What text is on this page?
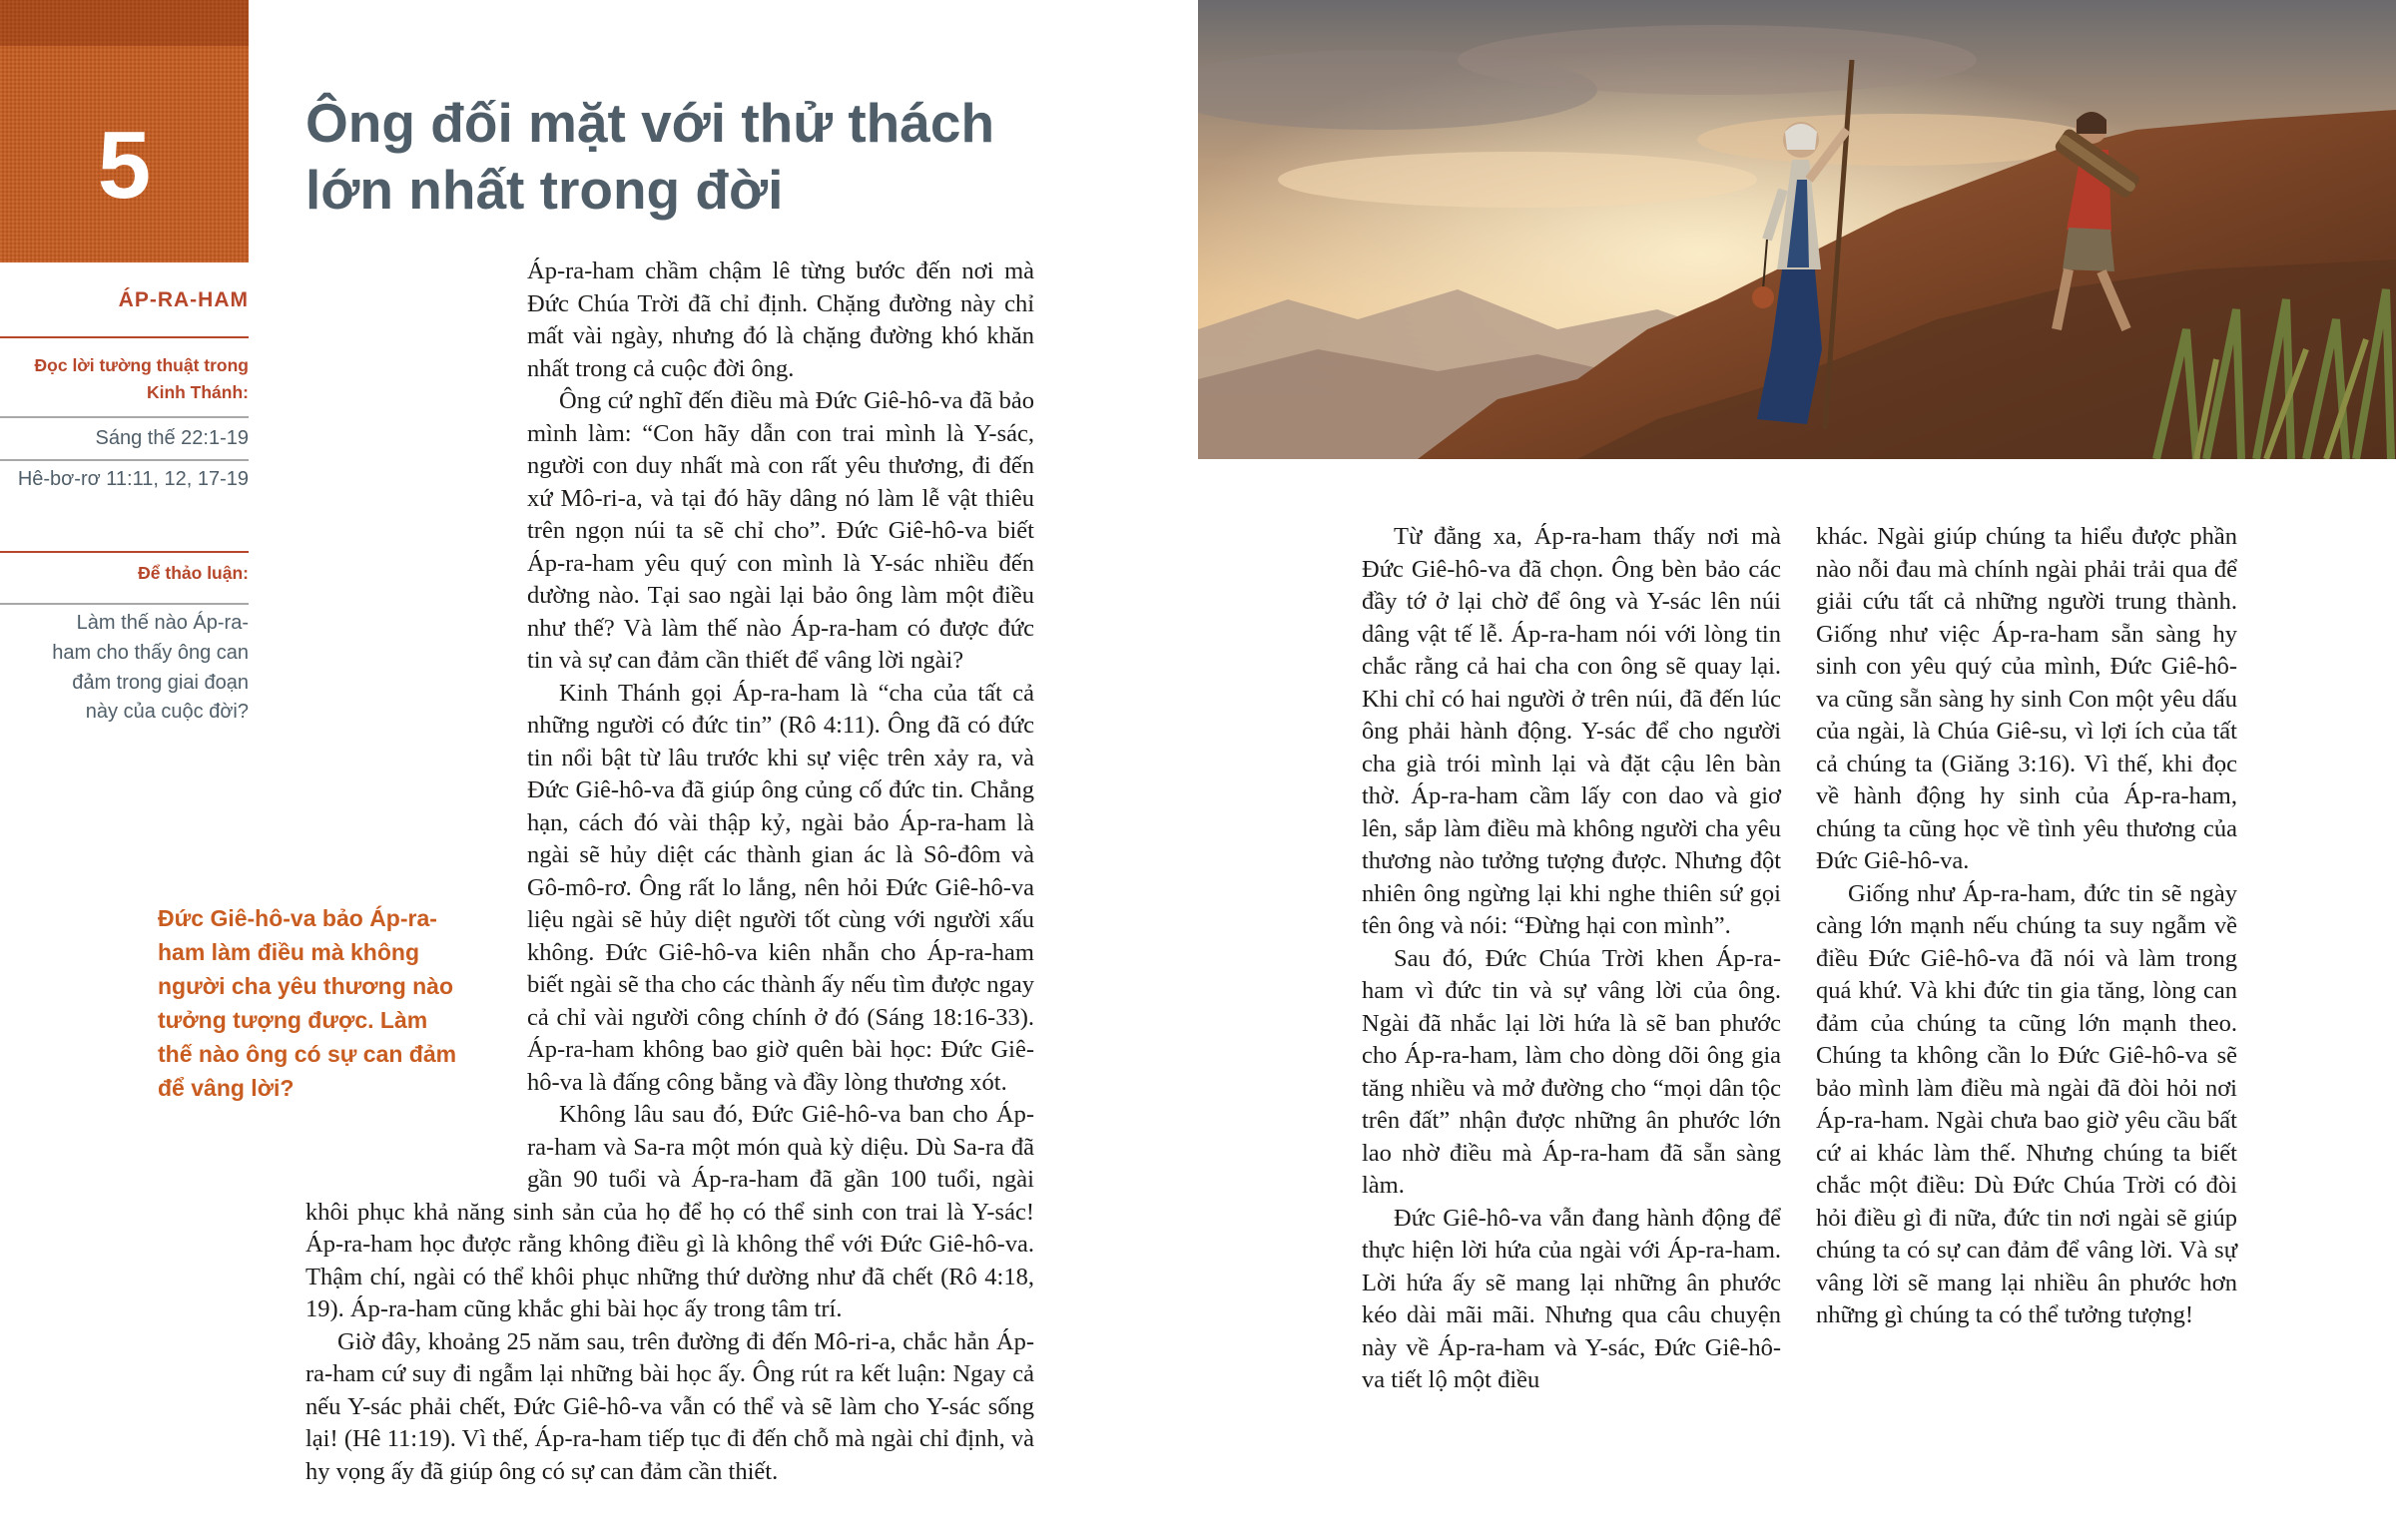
5
ÁP-RA-HAM
Đọc lời tường thuật trong Kinh Thánh:
Sáng thế 22:1-19
Hê-bơ-rơ 11:11, 12, 17-19
Để thảo luận:
Làm thế nào Áp-ra-ham cho thấy ông can đảm trong giai đoạn này của cuộc đời?
Ông đối mặt với thử thách lớn nhất trong đời
Đức Giê-hô-va bảo Áp-ra-ham làm điều mà không người cha yêu thương nào tưởng tượng được. Làm thế nào ông có sự can đảm để vâng lời?

Áp-ra-ham chầm chậm lê từng bước đến nơi mà Đức Chúa Trời đã chỉ định. Chặng đường này chỉ mất vài ngày, nhưng đó là chặng đường khó khăn nhất trong cả cuộc đời ông.

Ông cứ nghĩ đến điều mà Đức Giê-hô-va đã bảo mình làm: “Con hãy dẫn con trai mình là Y-sác, người con duy nhất mà con rất yêu thương, đi đến xứ Mô-ri-a, và tại đó hãy dâng nó làm lễ vật thiêu trên ngọn núi ta sẽ chỉ cho”. Đức Giê-hô-va biết Áp-ra-ham yêu quý con mình là Y-sác nhiều đến dường nào. Tại sao ngài lại bảo ông làm một điều như thế? Và làm thế nào Áp-ra-ham có được đức tin và sự can đảm cần thiết để vâng lời ngài?

Kinh Thánh gọi Áp-ra-ham là “cha của tất cả những người có đức tin” (Rô 4:11). Ông đã có đức tin nổi bật từ lâu trước khi sự việc trên xảy ra, và Đức Giê-hô-va đã giúp ông củng cố đức tin. Chẳng hạn, cách đó vài thập kỷ, ngài bảo Áp-ra-ham là ngài sẽ hủy diệt các thành gian ác là Sô-đôm và Gô-mô-rơ. Ông rất lo lắng, nên hỏi Đức Giê-hô-va liệu ngài sẽ hủy diệt người tốt cùng với người xấu không. Đức Giê-hô-va kiên nhẫn cho Áp-ra-ham biết ngài sẽ tha cho các thành ấy nếu tìm được ngay cả chỉ vài người công chính ở đó (Sáng 18:16-33). Áp-ra-ham không bao giờ quên bài học: Đức Giê-hô-va là đấng công bằng và đầy lòng thương xót.

Không lâu sau đó, Đức Giê-hô-va ban cho Áp-ra-ham và Sa-ra một món quà kỳ diệu. Dù Sa-ra đã gần 90 tuổi và Áp-ra-ham đã gần 100 tuổi, ngài khôi phục khả năng sinh sản của họ để họ có thể sinh con trai là Y-sác! Áp-ra-ham học được rằng không điều gì là không thể với Đức Giê-hô-va. Thậm chí, ngài có thể khôi phục những thứ dường như đã chết (Rô 4:18, 19). Áp-ra-ham cũng khắc ghi bài học ấy trong tâm trí.

Giờ đây, khoảng 25 năm sau, trên đường đi đến Mô-ri-a, chắc hẳn Áp-ra-ham cứ suy đi ngẫm lại những bài học ấy. Ông rút ra kết luận: Ngay cả nếu Y-sác phải chết, Đức Giê-hô-va vẫn có thể và sẽ làm cho Y-sác sống lại! (Hê 11:19). Vì thế, Áp-ra-ham tiếp tục đi đến chỗ mà ngài chỉ định, và hy vọng ấy đã giúp ông có sự can đảm cần thiết.

Từ đằng xa, Áp-ra-ham thấy nơi mà Đức Giê-hô-va đã chọn. Ông bèn bảo các đầy tớ ở lại chờ để ông và Y-sác lên núi dâng vật tế lễ. Áp-ra-ham nói với lòng tin chắc rằng cả hai cha con ông sẽ quay lại. Khi chỉ có hai người ở trên núi, đã đến lúc ông phải hành động. Y-sác để cho người cha già trói mình lại và đặt cậu lên bàn thờ. Áp-ra-ham cầm lấy con dao và giơ lên, sắp làm điều mà không người cha yêu thương nào tưởng tượng được. Nhưng đột nhiên ông ngừng lại khi nghe thiên sứ gọi tên ông và nói: “Đừng hại con mình”.

Sau đó, Đức Chúa Trời khen Áp-ra-ham vì đức tin và sự vâng lời của ông. Ngài đã nhắc lại lời hứa là sẽ ban phước cho Áp-ra-ham, làm cho dòng dõi ông gia tăng nhiều và mở đường cho “mọi dân tộc trên đất” nhận được những ân phước lớn lao nhờ điều mà Áp-ra-ham đã sẵn sàng làm.

Đức Giê-hô-va vẫn đang hành động để thực hiện lời hứa của ngài với Áp-ra-ham. Lời hứa ấy sẽ mang lại những ân phước kéo dài mãi mãi. Nhưng qua câu chuyện này về Áp-ra-ham và Y-sác, Đức Giê-hô-va tiết lộ một điều

khác. Ngài giúp chúng ta hiểu được phần nào nỗi đau mà chính ngài phải trải qua để giải cứu tất cả những người trung thành. Giống như việc Áp-ra-ham sẵn sàng hy sinh con yêu quý của mình, Đức Giê-hô-va cũng sẵn sàng hy sinh Con một yêu dấu của ngài, là Chúa Giê-su, vì lợi ích của tất cả chúng ta (Giăng 3:16). Vì thế, khi đọc về hành động hy sinh của Áp-ra-ham, chúng ta cũng học về tình yêu thương của Đức Giê-hô-va.

Giống như Áp-ra-ham, đức tin sẽ ngày càng lớn mạnh nếu chúng ta suy ngẫm về điều Đức Giê-hô-va đã nói và làm trong quá khứ. Và khi đức tin gia tăng, lòng can đảm của chúng ta cũng lớn mạnh theo. Chúng ta không cần lo Đức Giê-hô-va sẽ bảo mình làm điều mà ngài đã đòi hỏi nơi Áp-ra-ham. Ngài chưa bao giờ yêu cầu bất cứ ai khác làm thế. Nhưng chúng ta biết chắc một điều: Dù Đức Chúa Trời có đòi hỏi điều gì đi nữa, đức tin nơi ngài sẽ giúp chúng ta có sự can đảm để vâng lời. Và sự vâng lời sẽ mang lại nhiều ân phước hơn những gì chúng ta có thể tưởng tượng!
